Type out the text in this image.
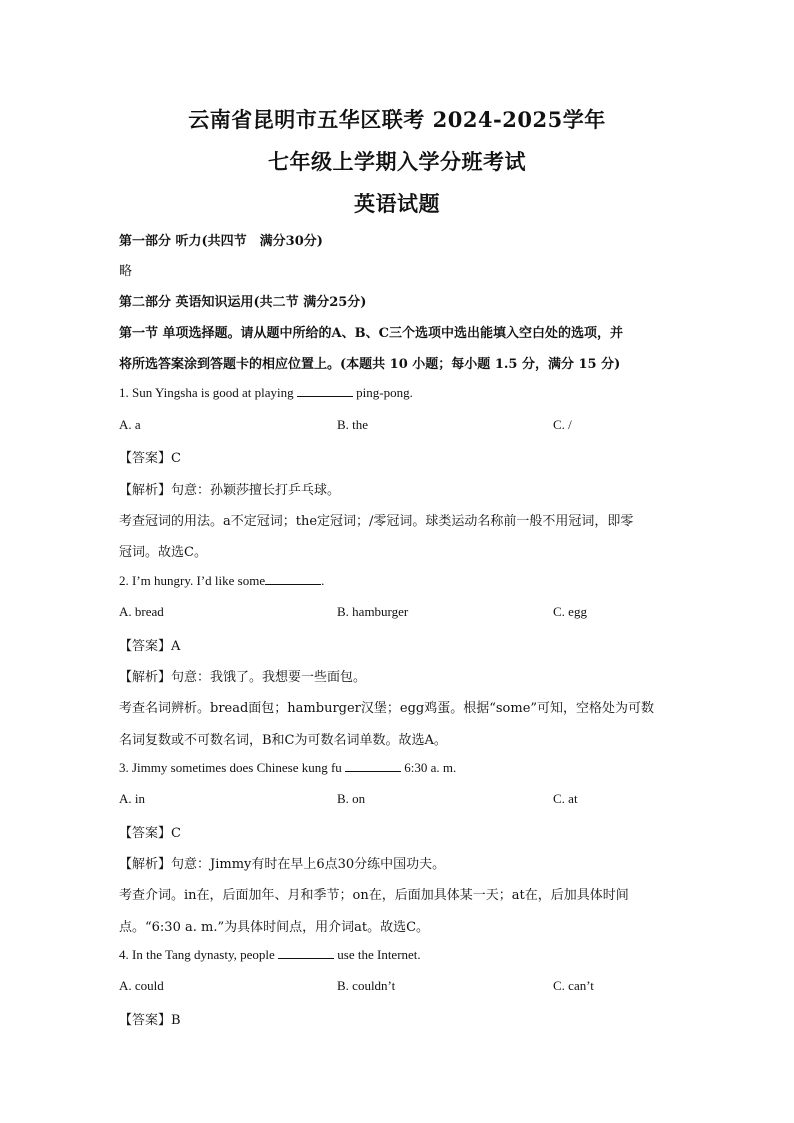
云南省昆明市五华区联考 2024-2025学年
七年级上学期入学分班考试
英语试题
第一部分 听力(共四节　满分30分)
略
第二部分 英语知识运用(共二节 满分25分)
第一节 单项选择题。请从题中所给的A、B、C三个选项中选出能填入空白处的选项，并
将所选答案涂到答题卡的相应位置上。(本题共 10 小题；每小题 1.5 分，满分 15 分)
1. Sun Yingsha is good at playing	ping-pong.
A. a	B. the	C. /
【答案】C
【解析】句意：孙颖莎擅长打乒乓球。
考查冠词的用法。a不定冠词；the定冠词；/零冠词。球类运动名称前一般不用冠词，即零
冠词。故选C。
2. I’m hungry. I’d like some	.
A. bread	B. hamburger	C. egg
【答案】A
【解析】句意：我饿了。我想要一些面包。
考查名词辨析。bread面包；hamburger汉堡；egg鸡蛋。根据“some”可知，空格处为可数
名词复数或不可数名词，B和C为可数名词单数。故选A。
3. Jimmy sometimes does Chinese kung fu	6:30 a. m.
A. in	B. on	C. at
【答案】C
【解析】句意：Jimmy有时在早上6点30分练中国功夫。
考查介词。in在，后面加年、月和季节；on在，后面加具体某一天；at在，后加具体时间
点。“6:30 a. m.”为具体时间点，用介词at。故选C。
4. In the Tang dynasty, people	use the Internet.
A. could	B. couldn’t	C. can’t
【答案】B
